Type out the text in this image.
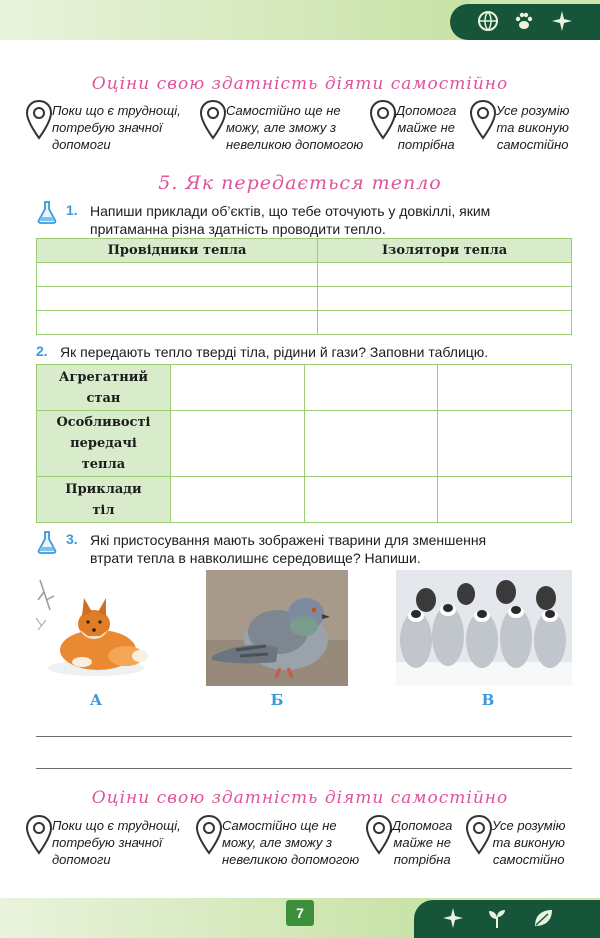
Оціни свою здатність діяти самостійно
Поки що є труднощі,
потребую значної
допомоги
Самостійно ще не
можу, але зможу з
невеликою допомогою
Допомога
майже не
потрібна
Усе розумію
та виконую
самостійно
5. Як передається тепло
1. Напиши приклади об’єктів, що тебе оточують у довкіллі, яким
притаманна різна здатність проводити тепло.
Провідники тепла	Ізолятори тепла

2. Як передають тепло тверді тіла, рідини й гази? Заповни таблицю.
Агрегатний
стан			

Особливості
передачі
тепла			

Приклади
тіл			

3. Які пристосування мають зображені тварини для зменшення
втрати тепла в навколишнє середовище? Напиши.
А	Б	В
Оціни свою здатність діяти самостійно
Поки що є труднощі,
потребую значної
допомоги
Самостійно ще не
можу, але зможу з
невеликою допомогою
Допомога
майже не
потрібна
Усе розумію
та виконую
самостійно
7
